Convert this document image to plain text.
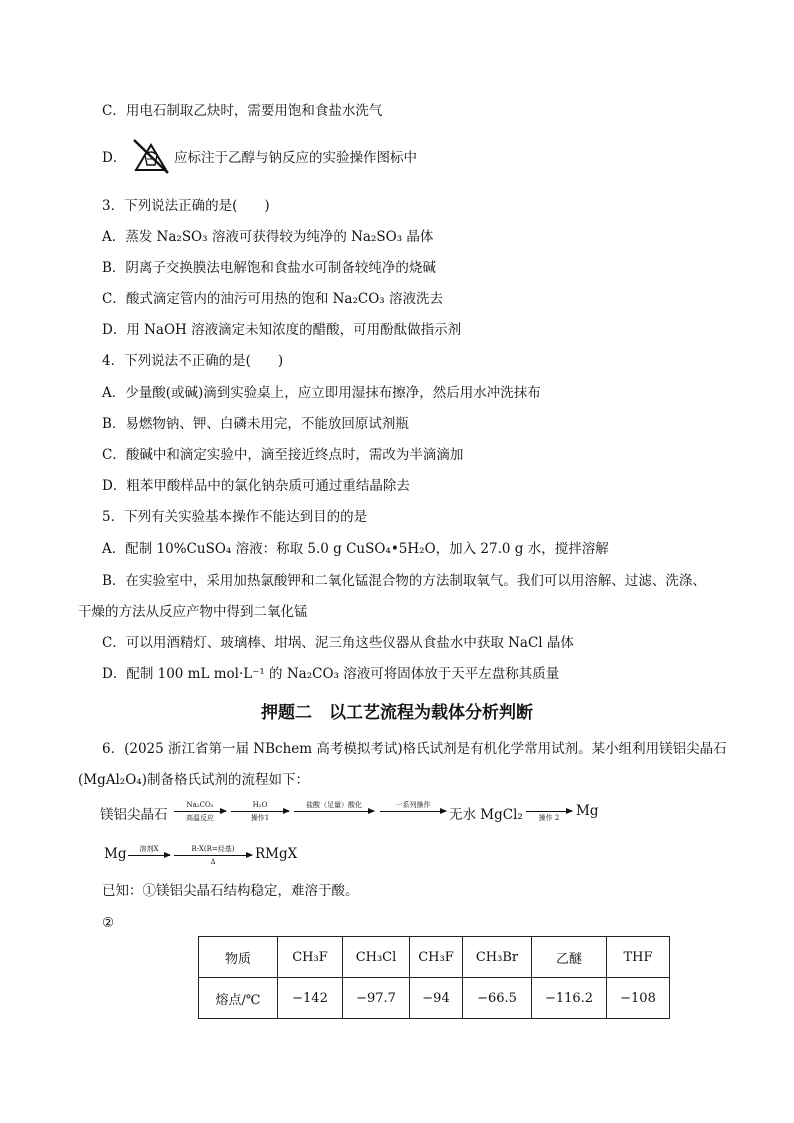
C．用电石制取乙炔时，需要用饱和食盐水洗气
D．	应标注于乙醇与钠反应的实验操作图标中
3．下列说法正确的是(　　)
A．蒸发 Na₂SO₃ 溶液可获得较为纯净的 Na₂SO₃ 晶体
B．阴离子交换膜法电解饱和食盐水可制备较纯净的烧碱
C．酸式滴定管内的油污可用热的饱和 Na₂CO₃ 溶液洗去
D．用 NaOH 溶液滴定未知浓度的醋酸，可用酚酞做指示剂
4．下列说法不正确的是(　　)
A．少量酸(或碱)滴到实验桌上，应立即用湿抹布擦净，然后用水冲洗抹布
B．易燃物钠、钾、白磷未用完，不能放回原试剂瓶
C．酸碱中和滴定实验中，滴至接近终点时，需改为半滴滴加
D．粗苯甲酸样品中的氯化钠杂质可通过重结晶除去
5．下列有关实验基本操作不能达到目的的是
A．配制 10%CuSO₄ 溶液：称取 5.0 g CuSO₄•5H₂O，加入 27.0 g 水，搅拌溶解
B．在实验室中，采用加热氯酸钾和二氧化锰混合物的方法制取氧气。我们可以用溶解、过滤、洗涤、
干燥的方法从反应产物中得到二氧化锰
C．可以用酒精灯、玻璃棒、坩埚、泥三角这些仪器从食盐水中获取 NaCl 晶体
D．配制 100 mL mol·L⁻¹ 的 Na₂CO₃ 溶液可将固体放于天平左盘称其质量
押题二　以工艺流程为载体分析判断
6．(2025 浙江省第一届 NBchem 高考模拟考试)格氏试剂是有机化学常用试剂。某小组利用镁铝尖晶石
(MgAl₂O₄)制备格氏试剂的流程如下：
镁铝尖晶石
Na₂CO₃
高温反应
H₂O
操作1
盐酸（足量）酸化	一系列操作
无水 MgCl₂	操作 2	Mg
Mg	溶剂X	R-X(R=烃基)
Δ	RMgX
已知：①镁铝尖晶石结构稳定，难溶于酸。
②
物质	CH₃F	CH₃Cl	CH₃F	CH₃Br	乙醚	THF
熔点/℃	−142	−97.7	−94	−66.5	−116.2	−108
